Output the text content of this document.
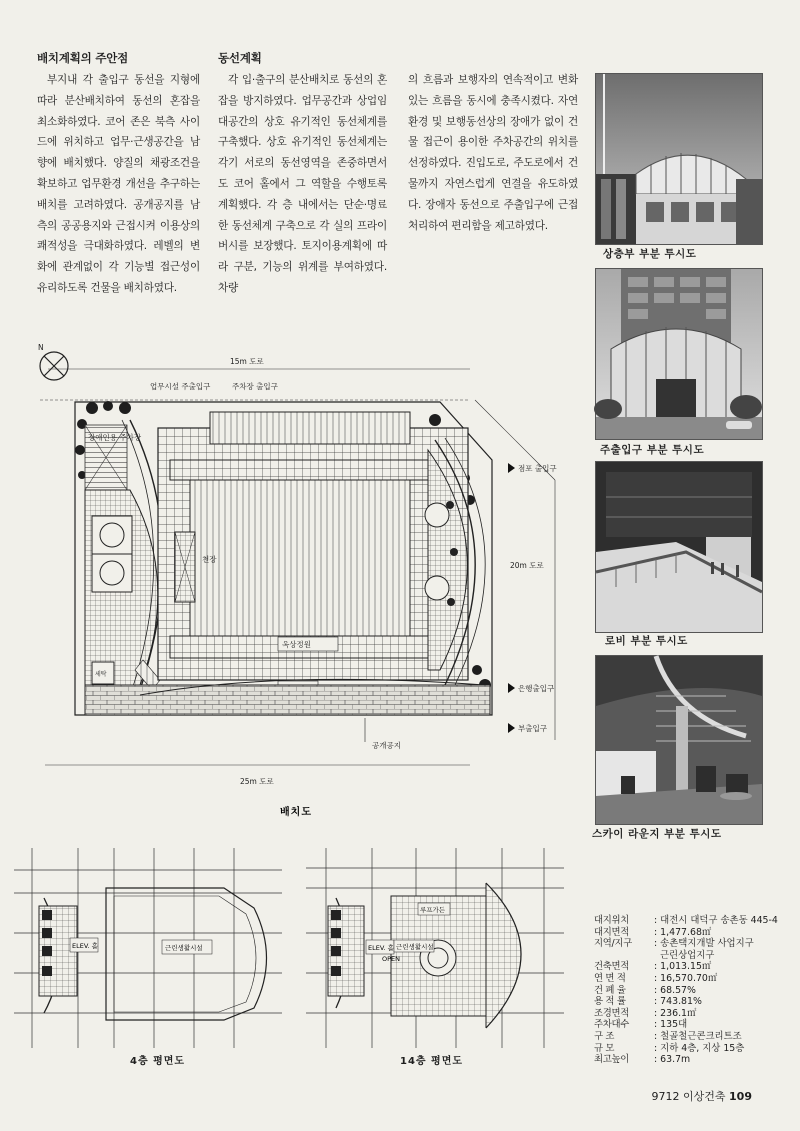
배치계획의 주안점

부지내 각 출입구 동선을 지형에 따라 분산배치하여 동선의 혼잡을 최소화하였다. 코어 존은 북측 사이드에 위치하고 업무·근생공간을 남향에 배치했다. 양질의 채광조건을 확보하고 업무환경 개선을 추구하는 배치를 고려하였다. 공개공지를 남측의 공공용지와 근접시켜 이용상의 쾌적성을 극대화하였다. 레벨의 변화에 관계없이 각 기능별 접근성이 유리하도록 건물을 배치하였다.

동선계획

각 입·출구의 분산배치로 동선의 혼잡을 방지하였다. 업무공간과 상업임대공간의 상호 유기적인 동선체계를 구축했다. 상호 유기적인 동선체계는 각기 서로의 동선영역을 존중하면서도 코어 홀에서 그 역할을 수행토록 계획했다. 각 층 내에서는 단순·명료한 동선체계 구축으로 각 실의 프라이버시를 보장했다. 토지이용계획에 따라 구분, 기능의 위계를 부여하였다. 차량

의 흐름과 보행자의 연속적이고 변화있는 흐름을 동시에 충족시켰다. 자연환경 및 보행동선상의 장애가 없이 건물 접근이 용이한 주차공간의 위치를 선정하였다. 진입도로, 주도로에서 건물까지 자연스럽게 연결을 유도하였다. 장애자 동선으로 주출입구에 근접처리하여 편리함을 제고하였다.

상층부 부분 투시도
주출입구 부분 투시도
로비 부분 투시도
스카이 라운지 부분 투시도
N
15m 도로
25m 도로
20m 도로
업무시설 주출입구	주차장 출입구
장애인용 주차장
세탁
천장
옥상정원
점포 출입구
은행출입구
부출입구
공개공지
배치도
ELEV. 홀	근린생활시설
4층 평면도
ELEV. 홀
OPEN
근린생활시설
루프가든
14층 평면도
대지위치	: 대전시 대덕구 송촌동 445-4
대지면적	: 1,477.68㎡
지역/지구	: 송촌택지개발 사업지구

근린상업지구
건축면적	: 1,013.15㎡
연 면 적	: 16,570.70㎡
건 폐 율	: 68.57%
용 적 률	: 743.81%
조경면적	: 236.1㎡
주차대수	: 135대
구 조	: 철골철근콘크리트조
규 모	: 지하 4층, 지상 15층
최고높이	: 63.7m
9712 이상건축 109
